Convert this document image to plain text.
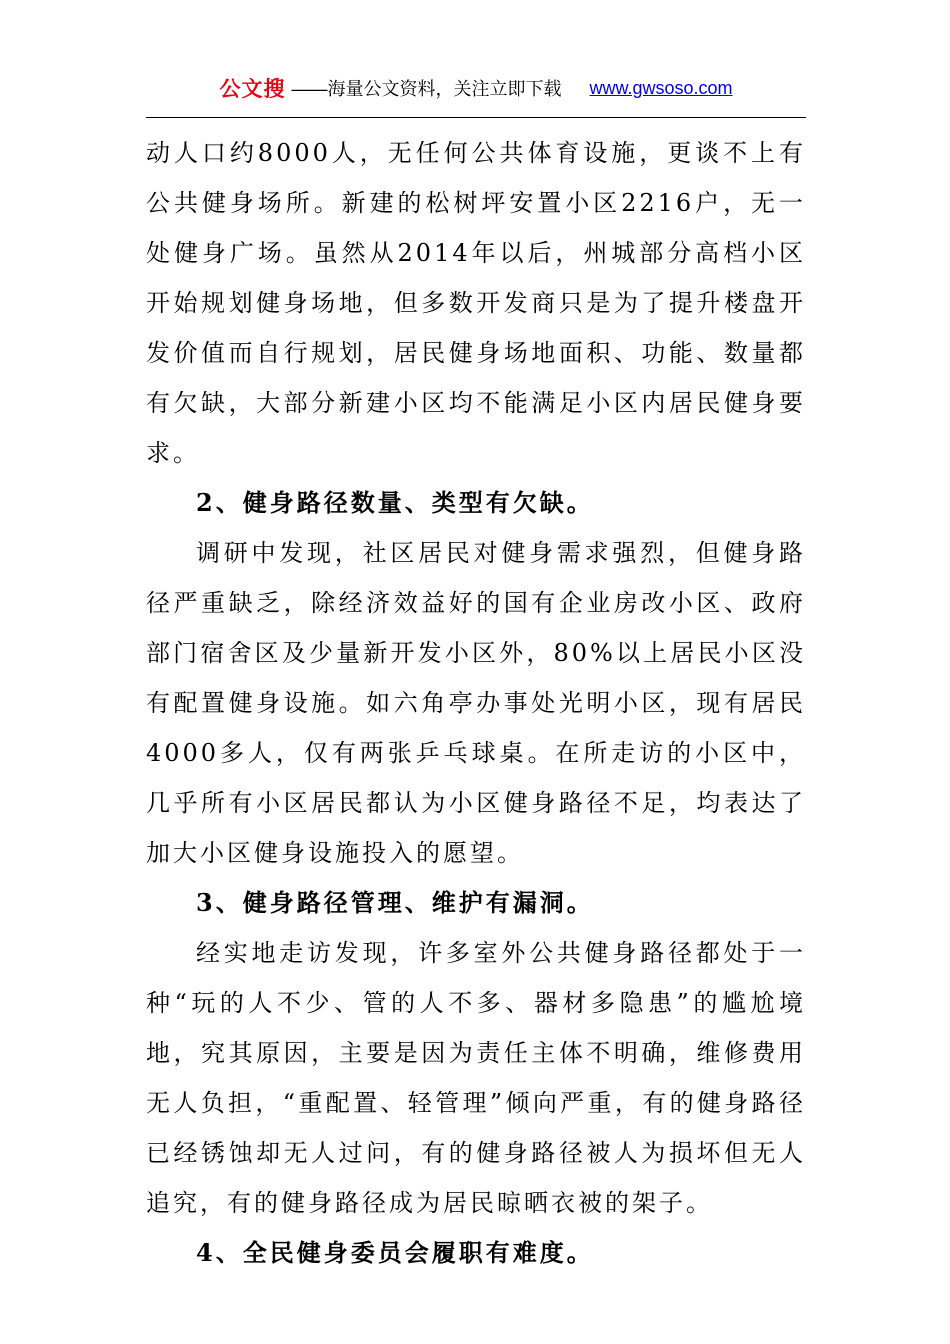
公文搜 ——海量公文资料，关注立即下载 www.gwsoso.com

动人口约8000人，无任何公共体育设施，更谈不上有公共健身场所。新建的松树坪安置小区2216户，无一处健身广场。虽然从2014年以后，州城部分高档小区开始规划健身场地，但多数开发商只是为了提升楼盘开发价值而自行规划，居民健身场地面积、功能、数量都有欠缺，大部分新建小区均不能满足小区内居民健身要求。

2、健身路径数量、类型有欠缺。

调研中发现，社区居民对健身需求强烈，但健身路径严重缺乏，除经济效益好的国有企业房改小区、政府部门宿舍区及少量新开发小区外，80%以上居民小区没有配置健身设施。如六角亭办事处光明小区，现有居民4000多人，仅有两张乒乓球桌。在所走访的小区中，几乎所有小区居民都认为小区健身路径不足，均表达了加大小区健身设施投入的愿望。

3、健身路径管理、维护有漏洞。

经实地走访发现，许多室外公共健身路径都处于一种“玩的人不少、管的人不多、器材多隐患”的尴尬境地，究其原因，主要是因为责任主体不明确，维修费用无人负担，“重配置、轻管理”倾向严重，有的健身路径已经锈蚀却无人过问，有的健身路径被人为损坏但无人追究，有的健身路径成为居民晾晒衣被的架子。

4、全民健身委员会履职有难度。
